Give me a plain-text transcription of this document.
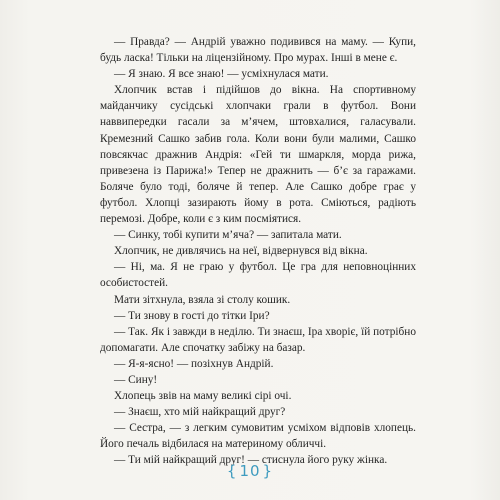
— Правда? — Андрій уважно подивився на маму. — Купи, будь ласка! Тільки на ліцензійному. Про мурах. Інші в мене є.

— Я знаю. Я все знаю! — усміхнулася мати.

Хлопчик встав і підійшов до вікна. На спортивному майданчику сусідські хлопчаки грали в футбол. Вони наввипередки гасали за м’ячем, штовхалися, галасували. Кремезний Сашко забив гола. Коли вони були малими, Сашко повсякчас дражнив Андрія: «Гей ти шмаркля, морда рижа, привезена із Парижа!» Тепер не дражнить — б’є за гаражами. Боляче було тоді, боляче й тепер. Але Сашко добре грає у футбол. Хлопці зазирають йому в рота. Сміються, радіють перемозі. Добре, коли є з ким посміятися.

— Синку, тобі купити м’яча? — запитала мати.

Хлопчик, не дивлячись на неї, відвернувся від вікна.

— Ні, ма. Я не граю у футбол. Це гра для неповноцінних особистостей.

Мати зітхнула, взяла зі столу кошик.

— Ти знову в гості до тітки Іри?

— Так. Як і завжди в неділю. Ти знаєш, Іра хворіє, їй потрібно допомагати. Але спочатку забіжу на базар.

— Я-я-ясно! — позіхнув Андрій.

— Сину!

Хлопець звів на маму великі сірі очі.

— Знаєш, хто мій найкращий друг?

— Сестра, — з легким сумовитим усміхом відповів хлопець. Його печаль відбилася на материному обличчі.

— Ти мій найкращий друг! — стиснула його руку жінка.

{ 10 }
